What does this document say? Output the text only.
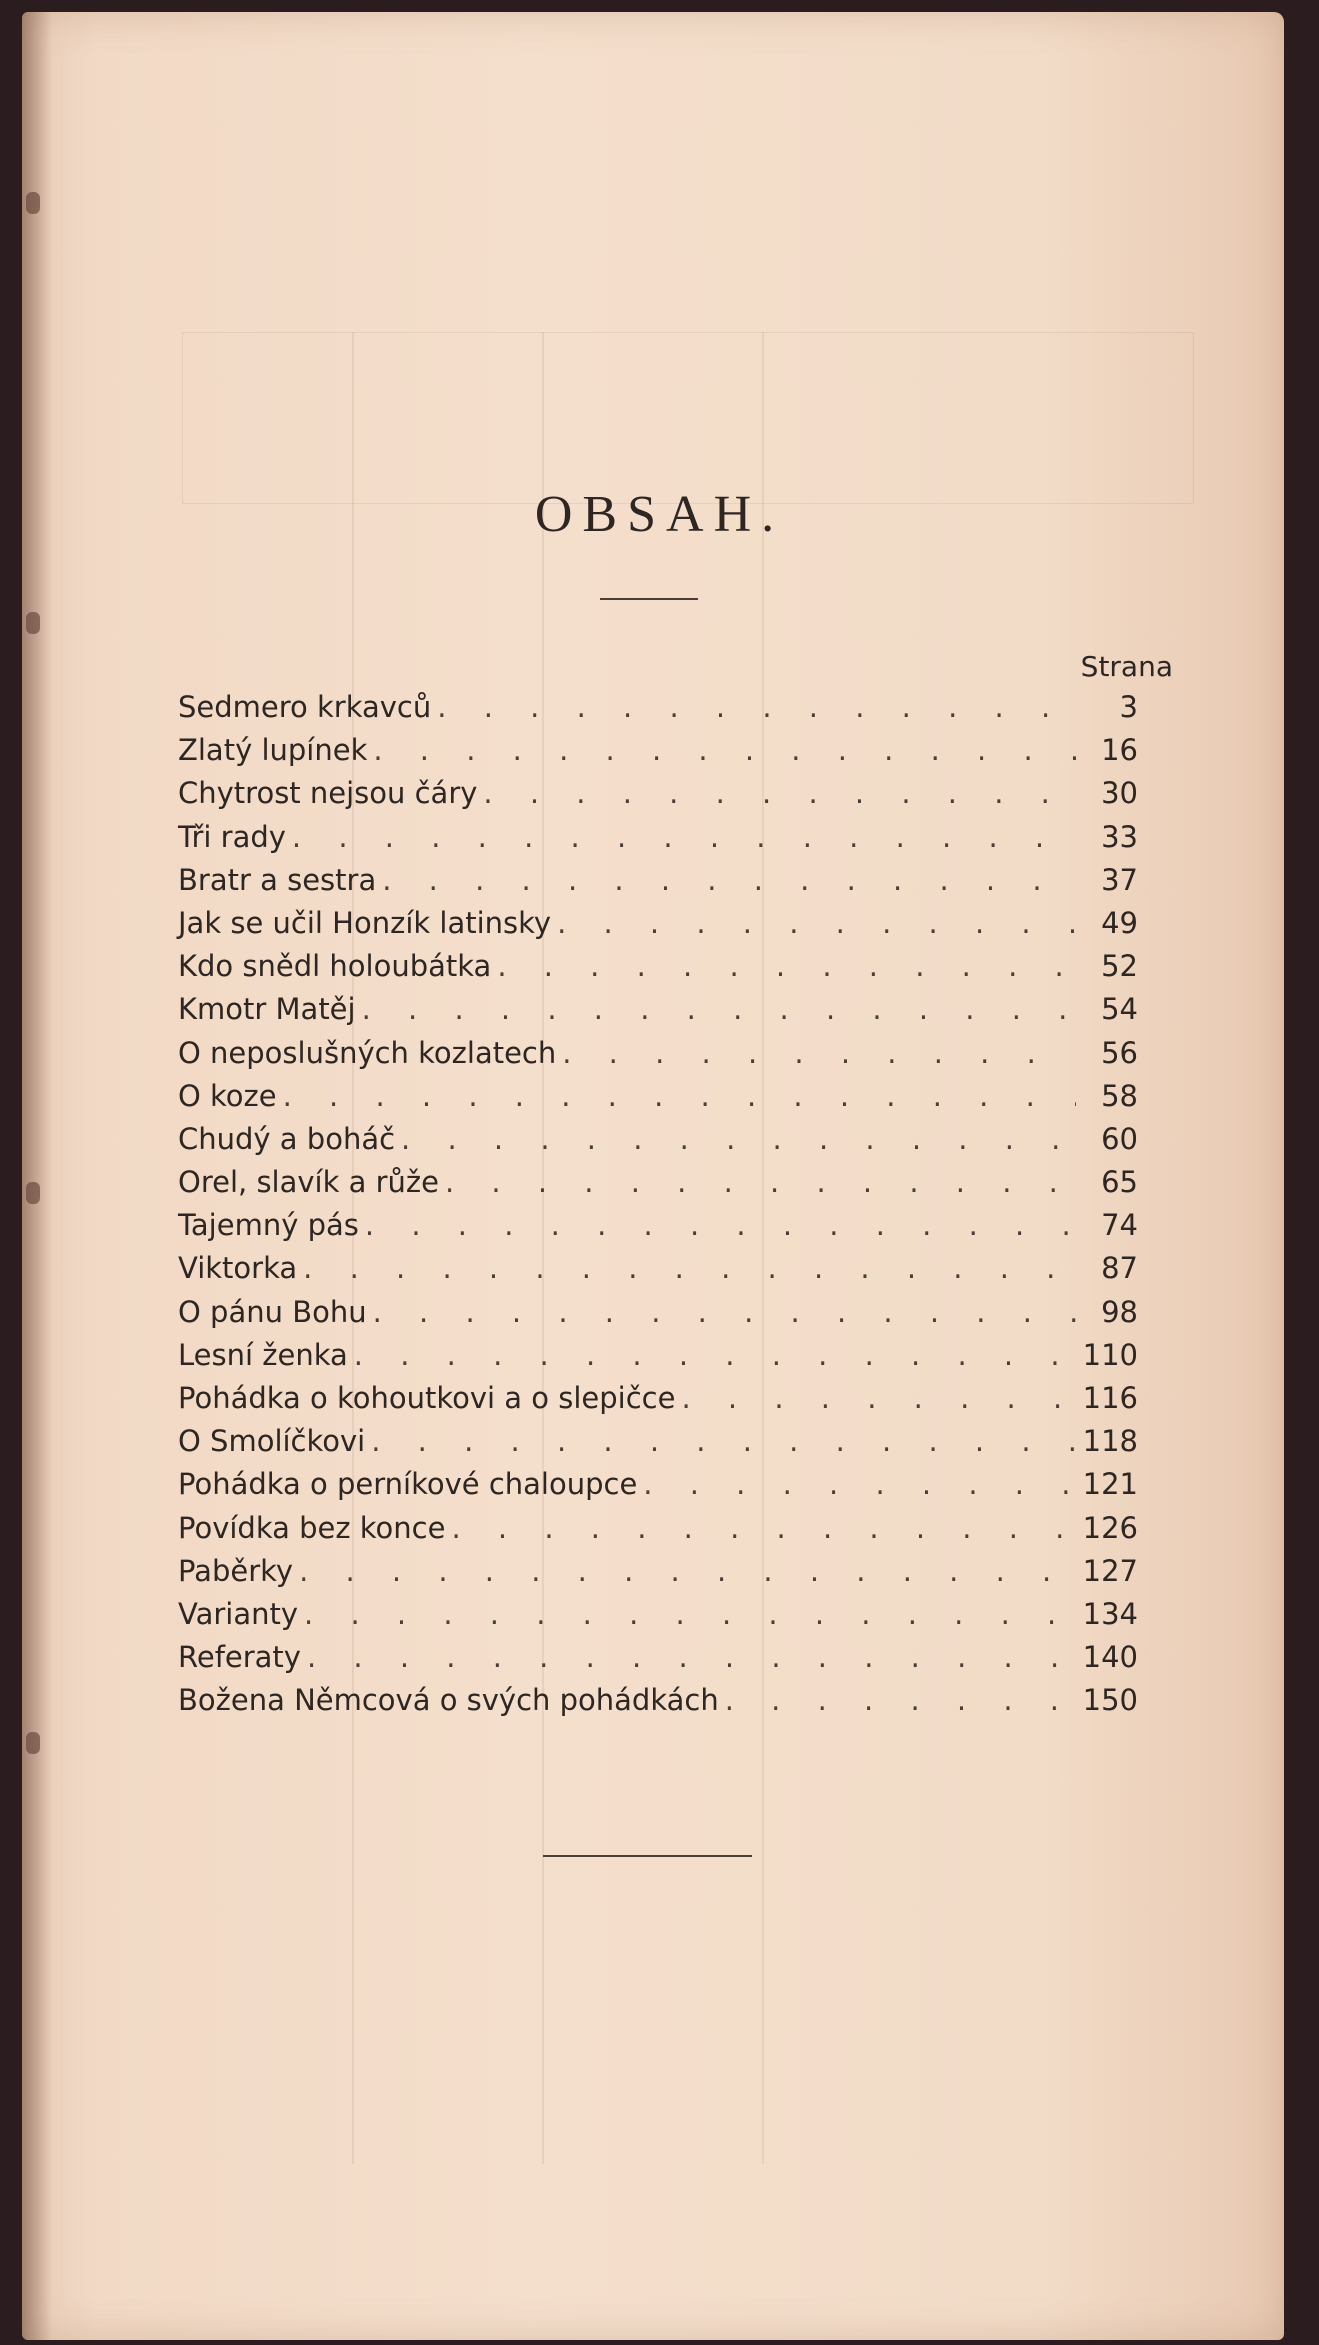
OBSAH.
Strana
Sedmero krkavců . . .	3
Zlatý lupínek . . .	16
Chytrost nejsou čáry . . .	30
Tři rady . . .	33
Bratr a sestra . . .	37
Jak se učil Honzík latinsky . . .	49
Kdo snědl holoubátka . . .	52
Kmotr Matěj . . .	54
O neposlušných kozlatech . . .	56
O koze . . .	58
Chudý a boháč . . .	60
Orel, slavík a růže . . .	65
Tajemný pás . . .	74
Viktorka . . .	87
O pánu Bohu . . .	98
Lesní ženka . . .	110
Pohádka o kohoutkovi a o slepičce . . .	116
O Smolíčkovi . . .	118
Pohádka o perníkové chaloupce . . .	121
Povídka bez konce . . .	126
Paběrky . . .	127
Varianty . . .	134
Referaty . . .	140
Božena Němcová o svých pohádkách . . .	150
